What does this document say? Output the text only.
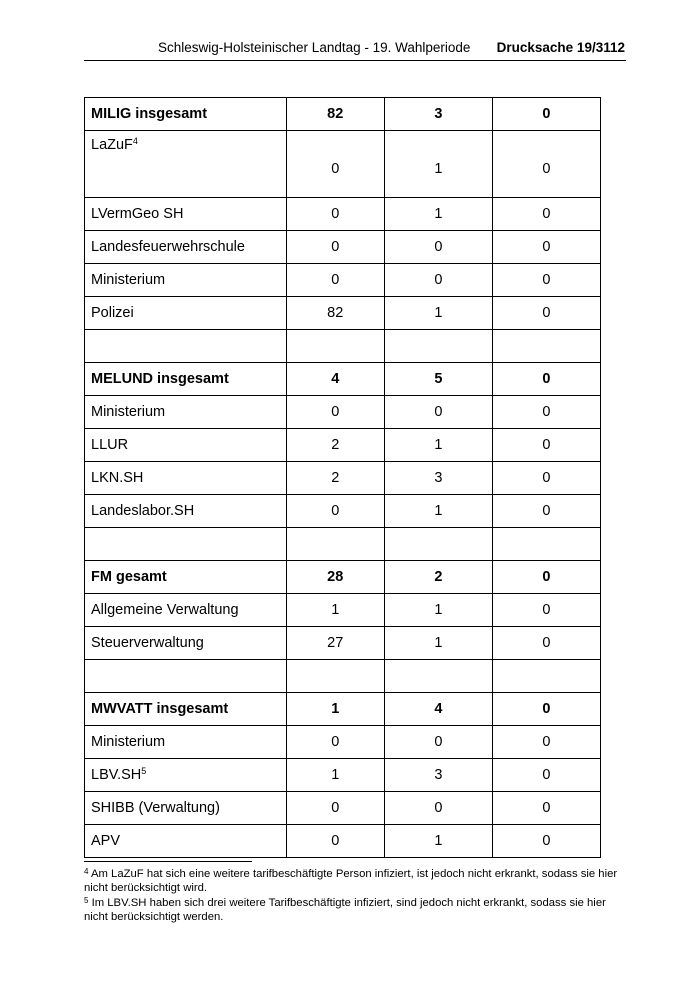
Schleswig-Holsteinischer Landtag - 19. Wahlperiode Drucksache 19/3112
MILIG insgesamt	82	3	0
LaZuF$^4$	0	1	0
LVermGeo SH	0	1	0
Landesfeuerwehrschule	0	0	0
Ministerium	0	0	0
Polizei	82	1	0

MELUND insgesamt	4	5	0
Ministerium	0	0	0
LLUR	2	1	0
LKN.SH	2	3	0
Landeslabor.SH	0	1	0

FM gesamt	28	2	0
Allgemeine Verwaltung	1	1	0
Steuerverwaltung	27	1	0

MWVATT insgesamt	1	4	0
Ministerium	0	0	0
$LBV.SH^5$	1	3	0
SHIBB (Verwaltung)	0	0	0
APV	0	1	0
$^4$ Am LaZuF hat sich eine weitere tarifbeschäftigte Person infiziert, ist jedoch nicht erkrankt, sodass sie hier nicht berücksichtigt wird.
$^5$ Im LBV.SH haben sich drei weitere Tarifbeschäftigte infiziert, sind jedoch nicht erkrankt, sodass sie hier nicht berücksichtigt werden.
